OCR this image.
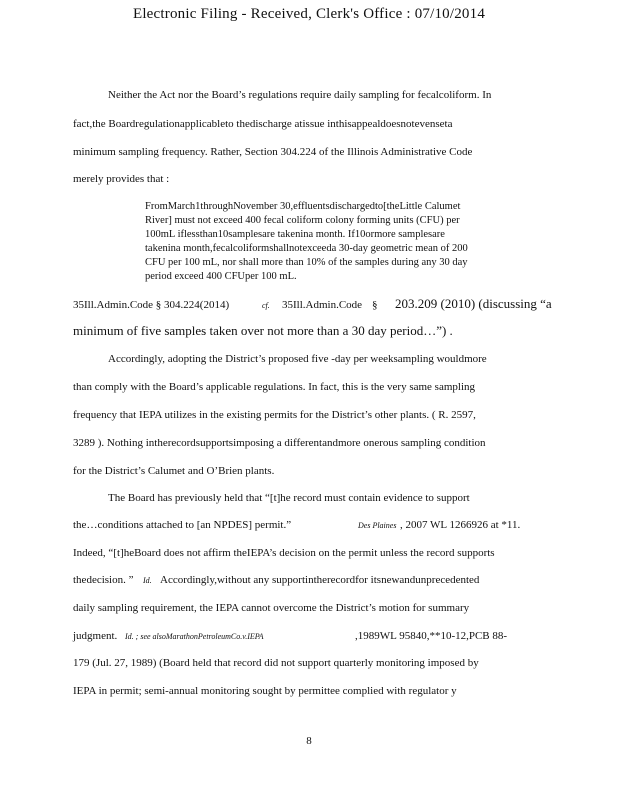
Electronic Filing - Received, Clerk's Office : 07/10/2014
Neither the Act nor the Board’s regulations require daily sampling for fecalcoliform. In
fact,the Boardregulationapplicableto thedischarge atissue inthisappealdoesnotevenseta
minimum sampling frequency. Rather, Section 304.224 of the Illinois Administrative Code
merely provides that :
FromMarch1throughNovember 30,effluentsdischargedto[theLittle Calumet
River] must not exceed 400 fecal coliform colony forming units (CFU) per
100mL iflessthan10samplesare takenina month. If10ormore samplesare
takenina month,fecalcoliformshallnotexceeda 30-day geometric mean of 200
CFU per 100 mL, nor shall more than 10% of the samples during any 30 day
period exceed 400 CFUper 100 mL.
35Ill.Admin.Code § 304.224(2014)	cf. 35Ill.Admin.Code § 203.209 (2010) (discussing “a
minimum of five samples taken over not more than a 30 day period…”) .
Accordingly, adopting the District’s proposed five -day per weeksampling wouldmore
than comply with the Board’s applicable regulations. In fact, this is the very same sampling
frequency that IEPA utilizes in the existing permits for the District’s other plants. ( R. 2597,
3289 ). Nothing intherecordsupportsimposing a differentandmore onerous sampling condition
for the District’s Calumet and O’Brien plants.
The Board has previously held that “[t]he record must contain evidence to support
the…conditions attached to [an NPDES] permit.”	Des Plaines , 2007 WL 1266926 at *11.
Indeed, “[t]heBoard does not affirm theIEPA’s decision on the permit unless the record supports
thedecision. ” Id. Accordingly,without any supportintherecordfor itsnewandunprecedented
daily sampling requirement, the IEPA cannot overcome the District’s motion for summary
judgment. Id. ; see alsoMarathonPetroleumCo.v.IEPA	,1989WL 95840,**10-12,PCB 88-
179 (Jul. 27, 1989) (Board held that record did not support quarterly monitoring imposed by
IEPA in permit; semi-annual monitoring sought by permittee complied with regulator y
8
